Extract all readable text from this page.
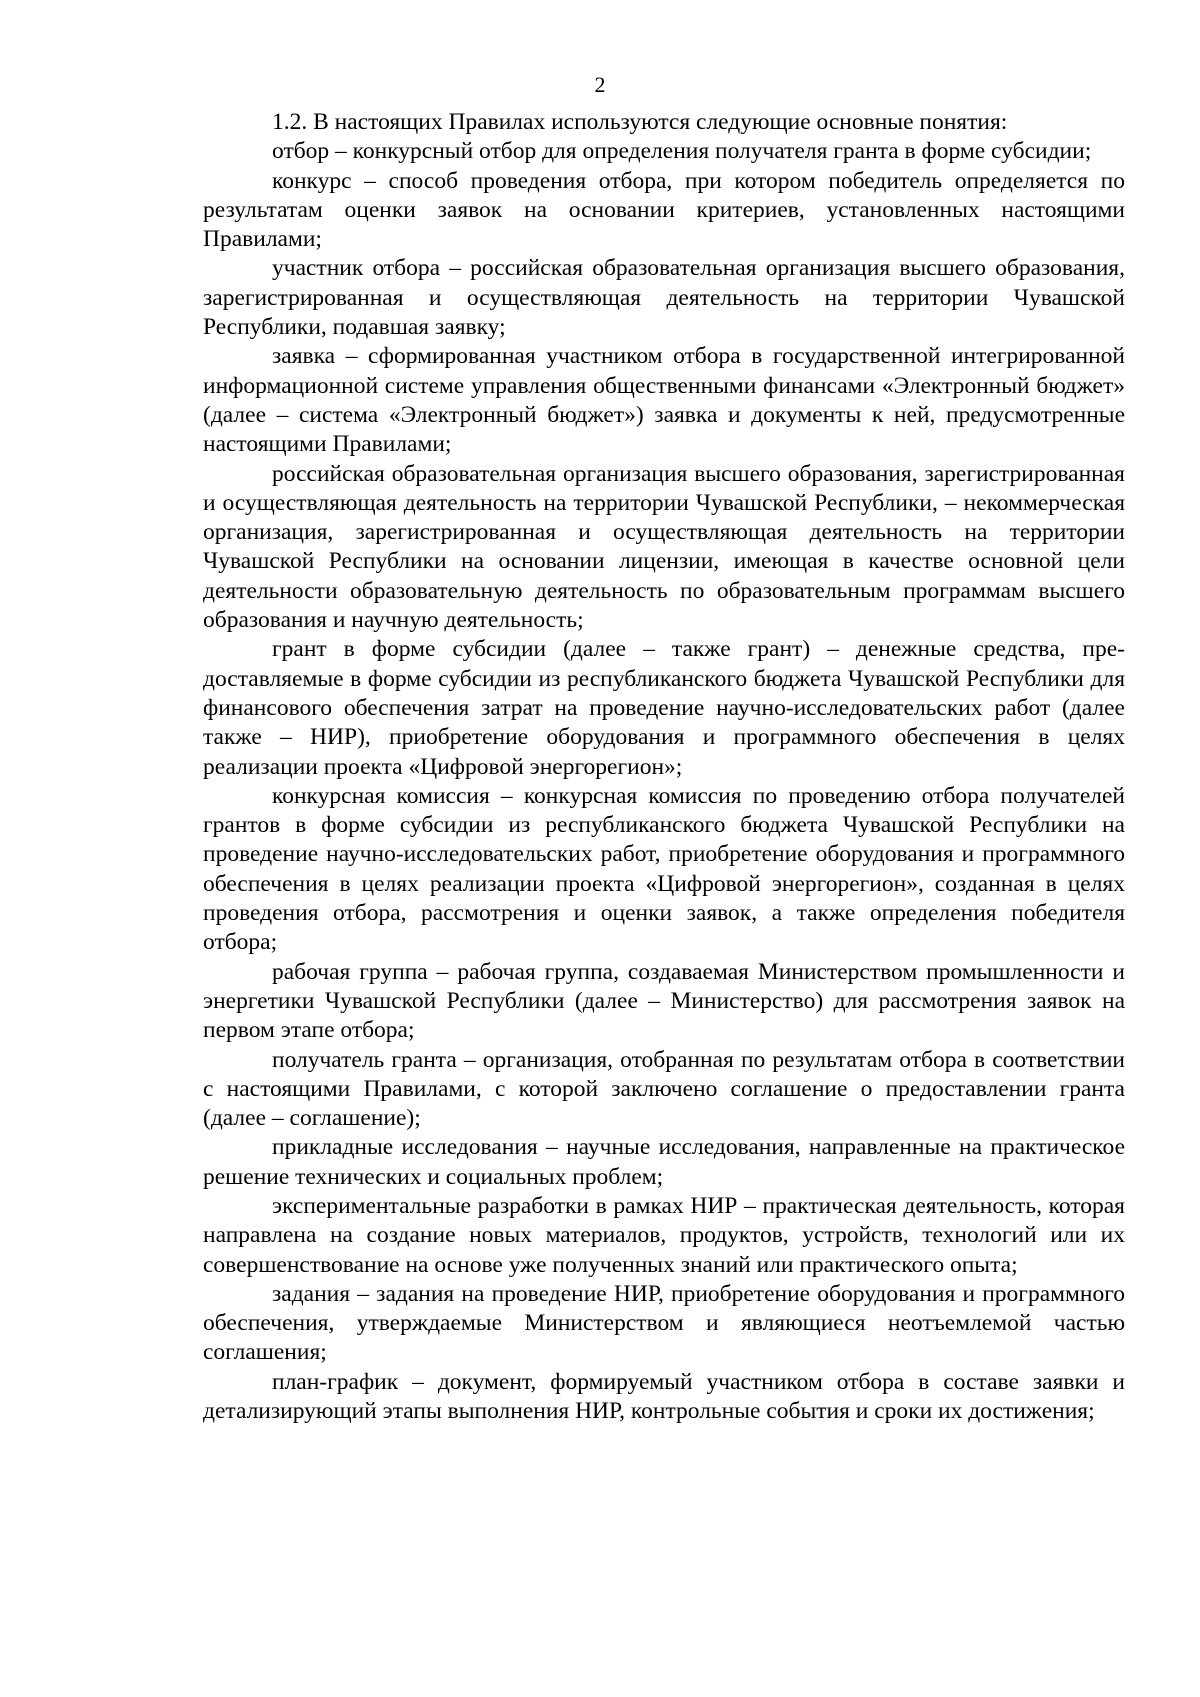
2

1.2. В настоящих Правилах используются следующие основные понятия:

отбор – конкурсный отбор для определения получателя гранта в форме субсидии;

конкурс – способ проведения отбора, при котором победитель определяется по результатам оценки заявок на основании критериев, установленных настоящими Правилами;

участник отбора – российская образовательная организация высшего образования, зарегистрированная и осуществляющая деятельность на территории Чувашской Республики, подавшая заявку;

заявка – сформированная участником отбора в государственной интегрированной информационной системе управления общественными финансами «Электронный бюджет» (далее – система «Электронный бюджет») заявка и документы к ней, предусмотренные настоящими Правилами;

российская образовательная организация высшего образования, зарегистрированная и осуществляющая деятельность на территории Чувашской Республики, – некоммерческая организация, зарегистрированная и осуществляющая деятельность на территории Чувашской Республики на основании лицензии, имеющая в качестве основной цели деятельности образовательную деятельность по образовательным программам высшего образования и научную деятельность;

грант в форме субсидии (далее – также грант) – денежные средства, предоставляемые в форме субсидии из республиканского бюджета Чувашской Республики для финансового обеспечения затрат на проведение научно-исследовательских работ (далее также – НИР), приобретение оборудования и программного обеспечения в целях реализации проекта «Цифровой энергорегион»;

конкурсная комиссия – конкурсная комиссия по проведению отбора получателей грантов в форме субсидии из республиканского бюджета Чувашской Республики на проведение научно-исследовательских работ, приобретение оборудования и программного обеспечения в целях реализации проекта «Цифровой энергорегион», созданная в целях проведения отбора, рассмотрения и оценки заявок, а также определения победителя отбора;

рабочая группа – рабочая группа, создаваемая Министерством промышленности и энергетики Чувашской Республики (далее – Министерство) для рассмотрения заявок на первом этапе отбора;

получатель гранта – организация, отобранная по результатам отбора в соответствии с настоящими Правилами, с которой заключено соглашение о предоставлении гранта (далее – соглашение);

прикладные исследования – научные исследования, направленные на практическое решение технических и социальных проблем;

экспериментальные разработки в рамках НИР – практическая деятельность, которая направлена на создание новых материалов, продуктов, устройств, технологий или их совершенствование на основе уже полученных знаний или практического опыта;

задания – задания на проведение НИР, приобретение оборудования и программного обеспечения, утверждаемые Министерством и являющиеся неотъемлемой частью соглашения;

план-график – документ, формируемый участником отбора в составе заявки и детализирующий этапы выполнения НИР, контрольные события и сроки их достижения;
